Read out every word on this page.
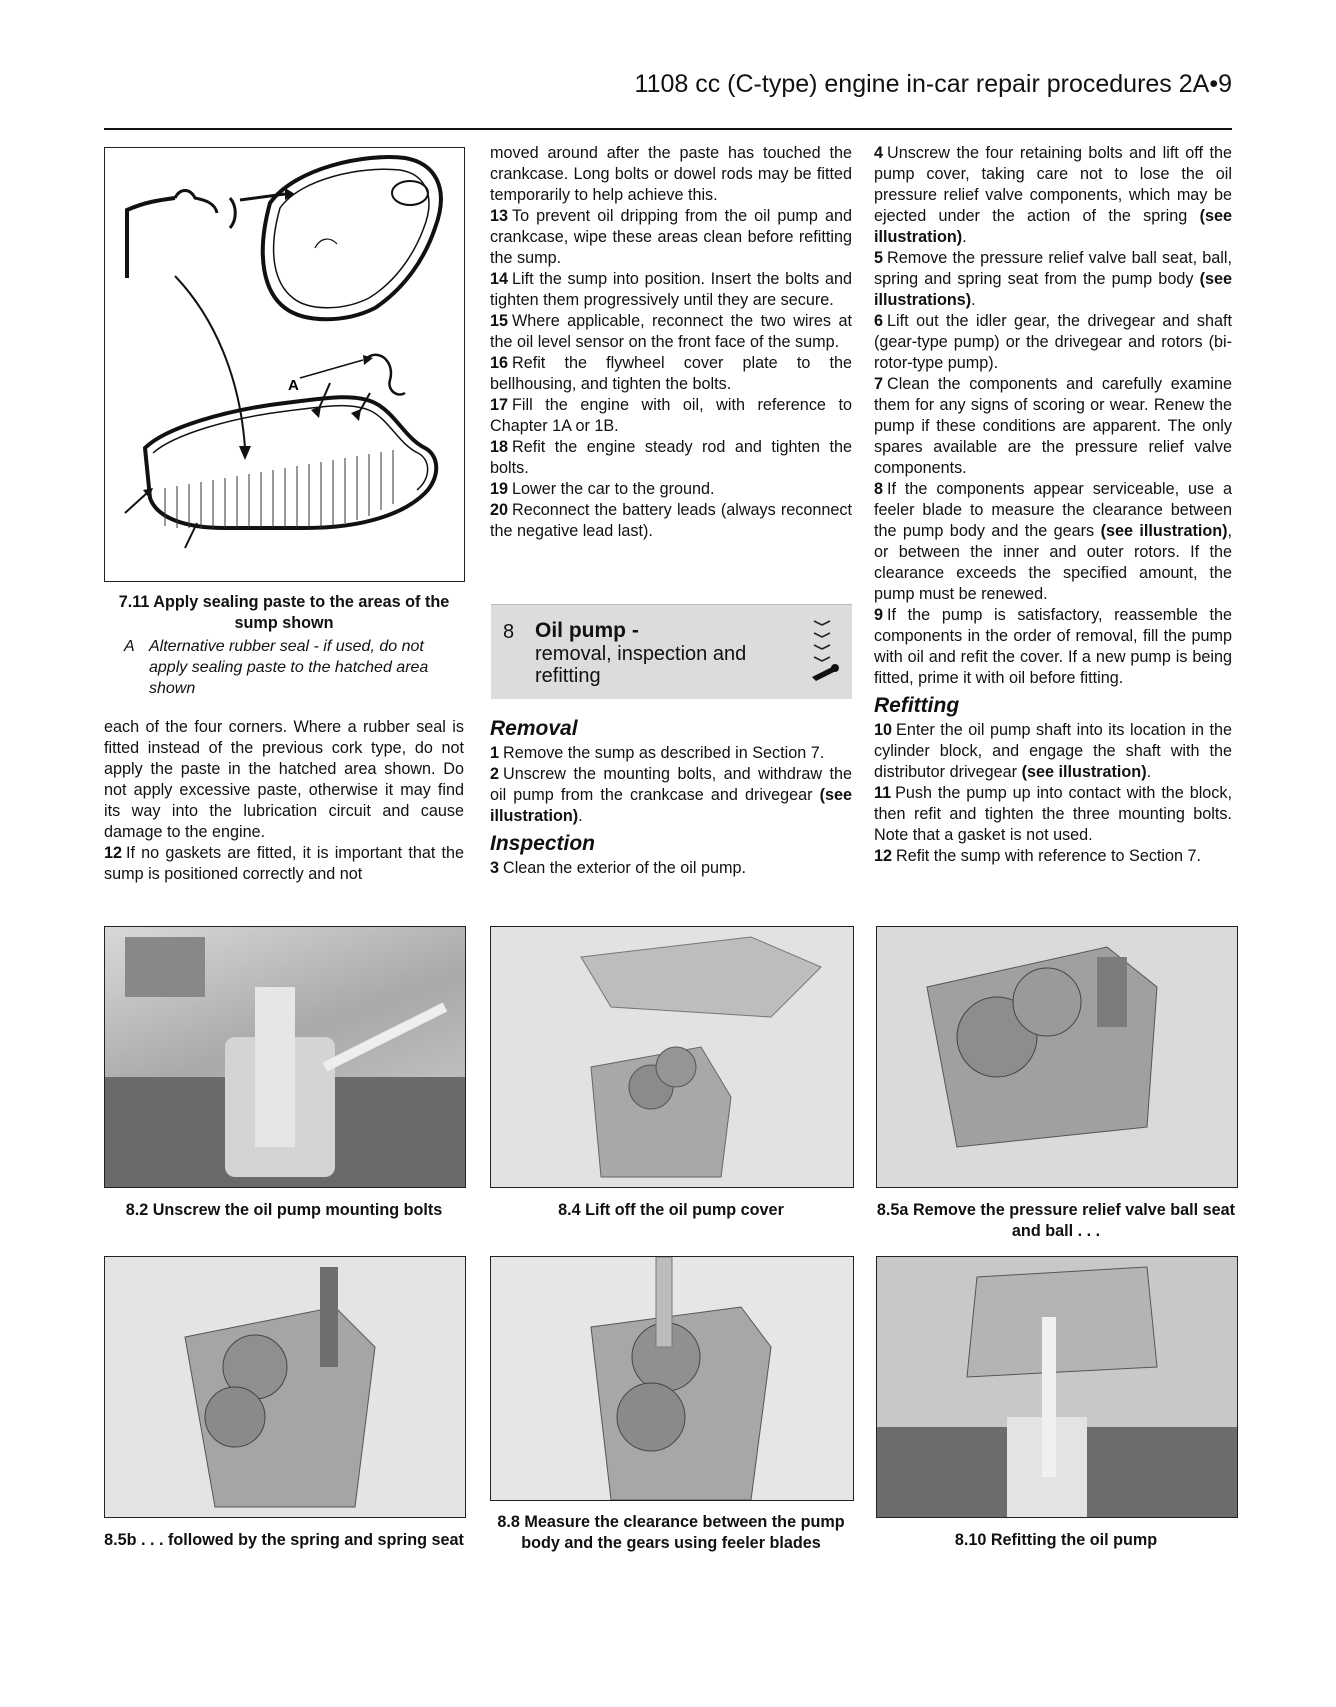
1108 cc (C-type) engine in-car repair procedures 2A•9
A
7.11 Apply sealing paste to the areas of the sump shown
A Alternative rubber seal - if used, do not apply sealing paste to the hatched area shown

each of the four corners. Where a rubber seal is fitted instead of the previous cork type, do not apply the paste in the hatched area shown. Do not apply excessive paste, otherwise it may find its way into the lubrication circuit and cause damage to the engine.

12 If no gaskets are fitted, it is important that the sump is positioned correctly and not

moved around after the paste has touched the crankcase. Long bolts or dowel rods may be fitted temporarily to help achieve this.

13 To prevent oil dripping from the oil pump and crankcase, wipe these areas clean before refitting the sump.

14 Lift the sump into position. Insert the bolts and tighten them progressively until they are secure.

15 Where applicable, reconnect the two wires at the oil level sensor on the front face of the sump.

16 Refit the flywheel cover plate to the bellhousing, and tighten the bolts.

17 Fill the engine with oil, with reference to Chapter 1A or 1B.

18 Refit the engine steady rod and tighten the bolts.

19 Lower the car to the ground.

20 Reconnect the battery leads (always reconnect the negative lead last).

8 Oil pump -
removal, inspection and refitting
Removal

1 Remove the sump as described in Section 7.

2 Unscrew the mounting bolts, and withdraw the oil pump from the crankcase and drivegear (see illustration).

Inspection

3 Clean the exterior of the oil pump.

4 Unscrew the four retaining bolts and lift off the pump cover, taking care not to lose the oil pressure relief valve components, which may be ejected under the action of the spring (see illustration).

5 Remove the pressure relief valve ball seat, ball, spring and spring seat from the pump body (see illustrations).

6 Lift out the idler gear, the drivegear and shaft (gear-type pump) or the drivegear and rotors (bi-rotor-type pump).

7 Clean the components and carefully examine them for any signs of scoring or wear. Renew the pump if these conditions are apparent. The only spares available are the pressure relief valve components.

8 If the components appear serviceable, use a feeler blade to measure the clearance between the pump body and the gears (see illustration), or between the inner and outer rotors. If the clearance exceeds the specified amount, the pump must be renewed.

9 If the pump is satisfactory, reassemble the components in the order of removal, fill the pump with oil and refit the cover. If a new pump is being fitted, prime it with oil before fitting.

Refitting

10 Enter the oil pump shaft into its location in the cylinder block, and engage the shaft with the distributor drivegear (see illustration).

11 Push the pump up into contact with the block, then refit and tighten the three mounting bolts. Note that a gasket is not used.

12 Refit the sump with reference to Section 7.

8.2 Unscrew the oil pump mounting bolts	8.4 Lift off the oil pump cover	8.5a Remove the pressure relief valve ball seat and ball . . .
8.5b . . . followed by the spring and spring seat
8.8 Measure the clearance between the pump body and the gears using feeler blades	8.10 Refitting the oil pump
